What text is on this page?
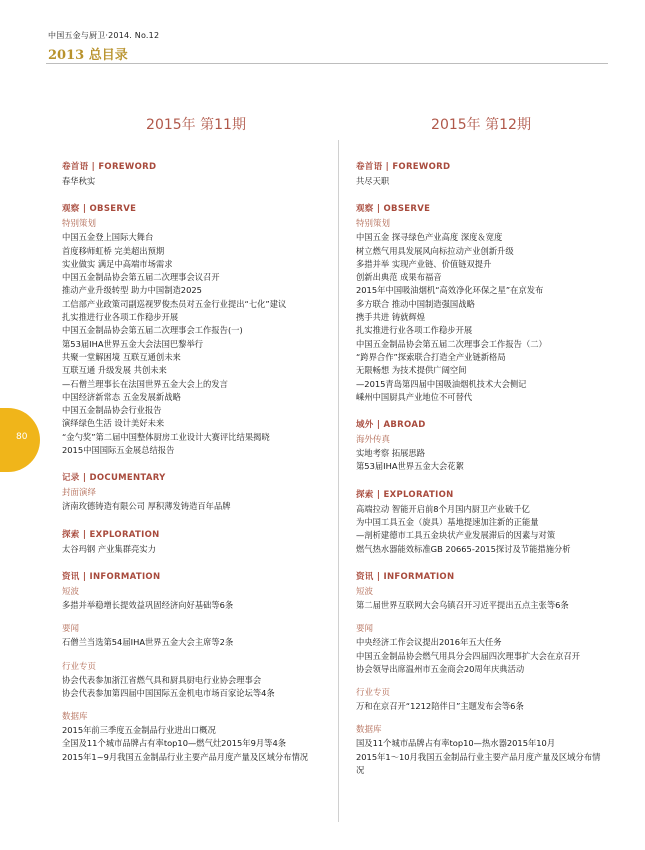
中国五金与厨卫·2014. No.12
2013 总目录
80
2015年 第11期
卷首语 | FOREWORD
春华秋实
观察 | OBSERVE
特别策划
中国五金登上国际大舞台
首度移师虹桥 完美超出预期
实业做实 满足中高端市场需求
中国五金制品协会第五届二次理事会议召开
推动产业升级转型 助力中国制造2025
工信部产业政策司副巡视罗俊杰员对五金行业提出“七化”建议
扎实推进行业各项工作稳步开展
中国五金制品协会第五届二次理事会工作报告(一)
第53届IHA世界五金大会法国巴黎举行
共聚一堂解困境 互联互通创未来
互联互通 升级发展 共创未来
—石僧兰理事长在法国世界五金大会上的发言
中国经济新常态 五金发展新战略
中国五金制品协会行业报告
演绎绿色生活 设计美好未来
“金勺奖”第二届中国整体厨房工业设计大赛评比结果揭晓
2015中国国际五金展总结报告
记录 | DOCUMENTARY
封面演绎
济南玫德铸造有限公司 厚积薄发铸造百年品牌
探索 | EXPLORATION
太谷玛钢 产业集群亮实力
资讯 | INFORMATION
短波
多措并举稳增长提效益巩固经济向好基础等6条
要闻
石僧兰当选第54届IHA世界五金大会主席等2条
行业专页
协会代表参加浙江省燃气具和厨具厨电行业协会理事会
协会代表参加第四届中国国际五金机电市场百家论坛等4条
数据库
2015年前三季度五金制品行业进出口概况
全国及11个城市品牌占有率top10—燃气灶2015年9月等4条
2015年1~9月我国五金制品行业主要产品月度产量及区域分布情况
2015年 第12期
卷首语 | FOREWORD
共尽天职
观察 | OBSERVE
特别策划
中国五金 探寻绿色产业高度 深度＆宽度
树立燃气用具发展风向标拉动产业创新升级
多措并举 实现产业链、价值链双提升
创新出典范 成果布福音
2015年中国吸油烟机“高效净化环保之星”在京发布
多方联合 推动中国制造强国战略
携手共进 铸就辉煌
扎实推进行业各项工作稳步开展
中国五金制品协会第五届二次理事会工作报告（二）
“跨界合作”探索联合打造全产业链新格局
无限畅想 为技术提供广阔空间
—2015青岛第四届中国吸油烟机技术大会侧记
嵊州中国厨具产业地位不可替代
域外 | ABROAD
海外传真
实地考察 拓展思路
第53届IHA世界五金大会花絮
探索 | EXPLORATION
高端拉动 智能开启前8个月国内厨卫产业破千亿
为中国工具五金（旋具）基地提速加注新的正能量
—剖析建德市工具五金块状产业发展滞后的因素与对策
燃气热水器能效标准GB 20665-2015探讨及节能措施分析
资讯 | INFORMATION
短波
第二届世界互联网大会乌镇召开习近平提出五点主张等6条
要闻
中央经济工作会议提出2016年五大任务
中国五金制品协会燃气用具分会四届四次理事扩大会在京召开
协会领导出席温州市五金商会20周年庆典活动
行业专页
万和在京召开“1212陪伴日”主题发布会等6条
数据库
国及11个城市品牌占有率top10—热水器2015年10月
2015年1～10月我国五金制品行业主要产品月度产量及区域分布情况
